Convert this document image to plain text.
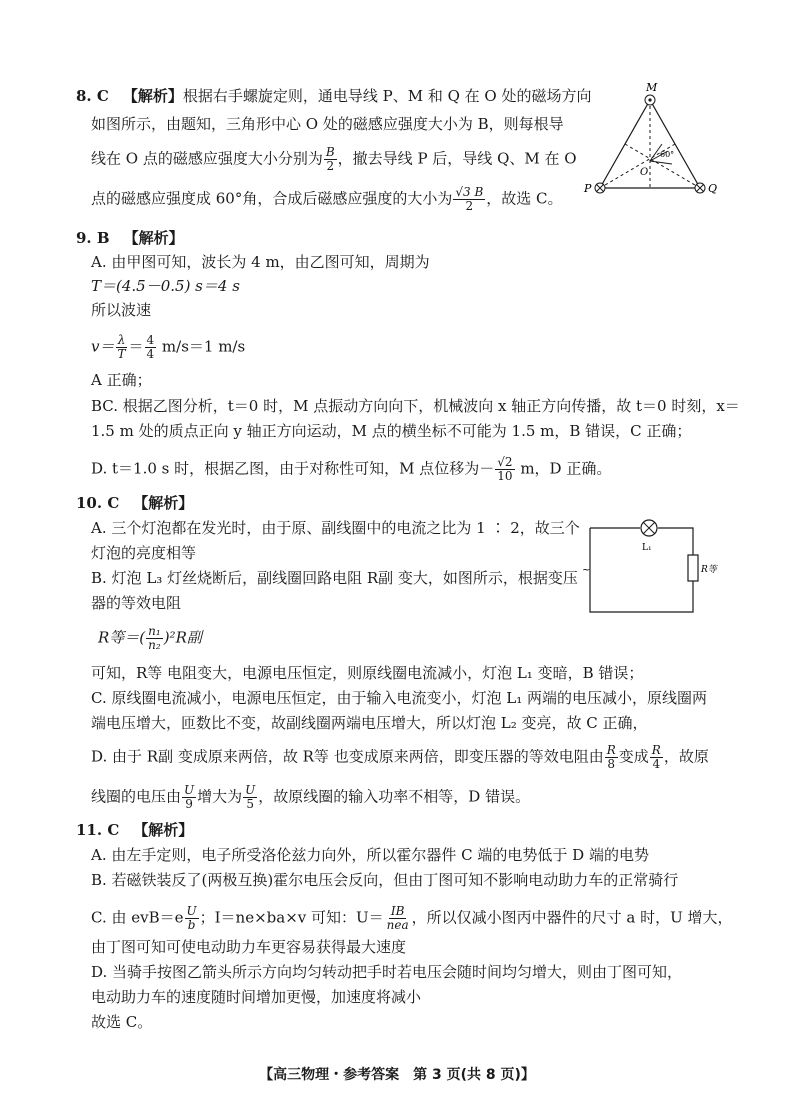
8. C 【解析】根据右手螺旋定则，通电导线 P、M 和 Q 在 O 处的磁场方向
如图所示，由题知，三角形中心 O 处的磁感应强度大小为 B，则每根导
线在 O 点的磁感应强度大小分别为 $\frac{B}{2}$ ，撤去导线 P 后，导线 Q、M 在 O
点的磁感应强度成 60°角，合成后磁感应强度的大小为 $\frac{√3 B}{2}$ ，故选 C。
M
P	Q
O
60°
9. B 【解析】
A. 由甲图可知，波长为 4 m，由乙图可知，周期为
T＝(4.5－0.5) s＝4 s
所以波速
$v= \frac{\lambda}{T} = \frac{4}{4} m/s=1$ m/s
A 正确；
BC. 根据乙图分析，t＝0 时，M 点振动方向向下，机械波向 x 轴正方向传播，故 t＝0 时刻，x＝
1.5 m 处的质点正向 y 轴正方向运动，M 点的横坐标不可能为 1.5 m，B 错误，C 正确；
D. t＝1.0 s 时，根据乙图，由于对称性可知，M 点位移为－ $\frac{√2}{10}$ m，D 正确。
10. C 【解析】
A. 三个灯泡都在发光时，由于原、副线圈中的电流之比为 1 ∶ 2，故三个
灯泡的亮度相等
B. 灯泡 L₃ 灯丝烧断后，副线圈回路电阻 R副 变大，如图所示，根据变压
器的等效电阻
R等＝( $\frac{\text{n₁}}{\text{n₂}} )^2R$副
可知，R等 电阻变大，电源电压恒定，则原线圈电流减小，灯泡 L₁ 变暗，B 错误；
C. 原线圈电流减小，电源电压恒定，由于输入电流变小，灯泡 L₁ 两端的电压减小，原线圈两
端电压增大，匝数比不变，故副线圈两端电压增大，所以灯泡 L₂ 变亮，故 C 正确，
D. 由于 R副 变成原来两倍，故 R等 也变成原来两倍，即变压器的等效电阻由 $\frac{R}{8}$ 变成 $\frac{R}{4}$ ，故原
线圈的电压由 $\frac{U}{9}$ 增大为 $\frac{U}{5}$ ，故原线圈的输入功率不相等，D 错误。
L₁
R等
~
11. C 【解析】
A. 由左手定则，电子所受洛伦兹力向外，所以霍尔器件 C 端的电势低于 D 端的电势
B. 若磁铁装反了(两极互换)霍尔电压会反向，但由丁图可知不影响电动助力车的正常骑行
C. 由 $evB=e \frac{U}{b}$ ；I＝ne×ba×v 可知：$U= \frac{IB}{\text{nea}}$ ，所以仅减小图丙中器件的尺寸 a 时，U 增大，
由丁图可知可使电动助力车更容易获得最大速度
D. 当骑手按图乙箭头所示方向均匀转动把手时若电压会随时间均匀增大，则由丁图可知，
电动助力车的速度随时间增加更慢，加速度将减小
故选 C。
【高三物理・参考答案　第 3 页(共 8 页)】
